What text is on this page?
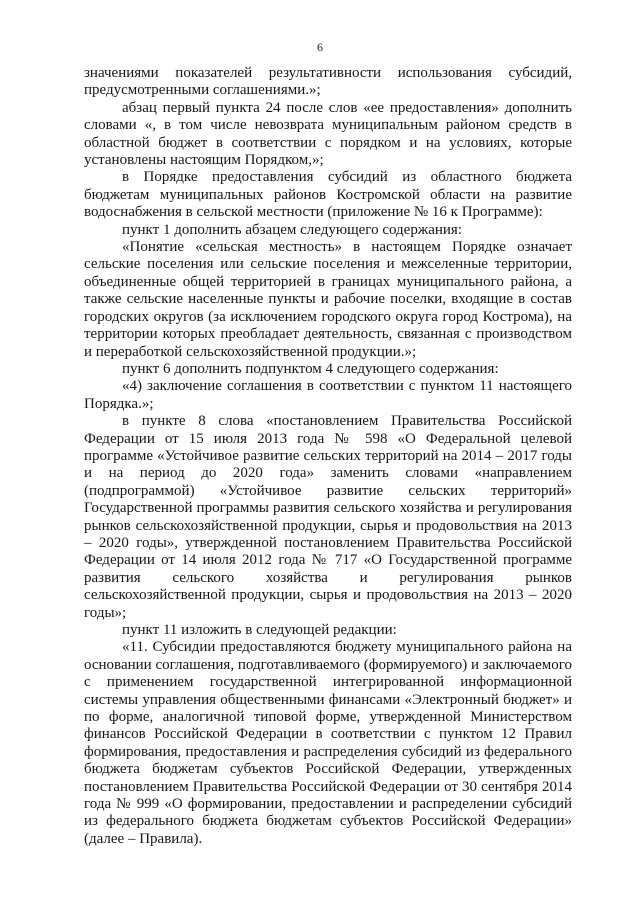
6

значениями показателей результативности использования субсидий, предусмотренными соглашениями.»;

абзац первый пункта 24 после слов «ее предоставления» дополнить словами «, в том числе невозврата муниципальным районом средств в областной бюджет в соответствии с порядком и на условиях, которые установлены настоящим Порядком,»;

в Порядке предоставления субсидий из областного бюджета бюджетам муниципальных районов Костромской области на развитие водоснабжения в сельской местности (приложение № 16 к Программе):

пункт 1 дополнить абзацем следующего содержания:

«Понятие «сельская местность» в настоящем Порядке означает сельские поселения или сельские поселения и межселенные территории, объединенные общей территорией в границах муниципального района, а также сельские населенные пункты и рабочие поселки, входящие в состав городских округов (за исключением городского округа город Кострома), на территории которых преобладает деятельность, связанная с производством и переработкой сельскохозяйственной продукции.»;

пункт 6 дополнить подпунктом 4 следующего содержания:

«4) заключение соглашения в соответствии с пунктом 11 настоящего Порядка.»;

в пункте 8 слова «постановлением Правительства Российской Федерации от 15 июля 2013 года № 598 «О Федеральной целевой программе «Устойчивое развитие сельских территорий на 2014 – 2017 годы и на период до 2020 года» заменить словами «направлением (подпрограммой) «Устойчивое развитие сельских территорий» Государственной программы развития сельского хозяйства и регулирования рынков сельскохозяйственной продукции, сырья и продовольствия на 2013 – 2020 годы», утвержденной постановлением Правительства Российской Федерации от 14 июля 2012 года № 717 «О Государственной программе развития сельского хозяйства и регулирования рынков сельскохозяйственной продукции, сырья и продовольствия на 2013 – 2020 годы»;

пункт 11 изложить в следующей редакции:

«11. Субсидии предоставляются бюджету муниципального района на основании соглашения, подготавливаемого (формируемого) и заключаемого с применением государственной интегрированной информационной системы управления общественными финансами «Электронный бюджет» и по форме, аналогичной типовой форме, утвержденной Министерством финансов Российской Федерации в соответствии с пунктом 12 Правил формирования, предоставления и распределения субсидий из федерального бюджета бюджетам субъектов Российской Федерации, утвержденных постановлением Правительства Российской Федерации от 30 сентября 2014 года № 999 «О формировании, предоставлении и распределении субсидий из федерального бюджета бюджетам субъектов Российской Федерации» (далее – Правила).
